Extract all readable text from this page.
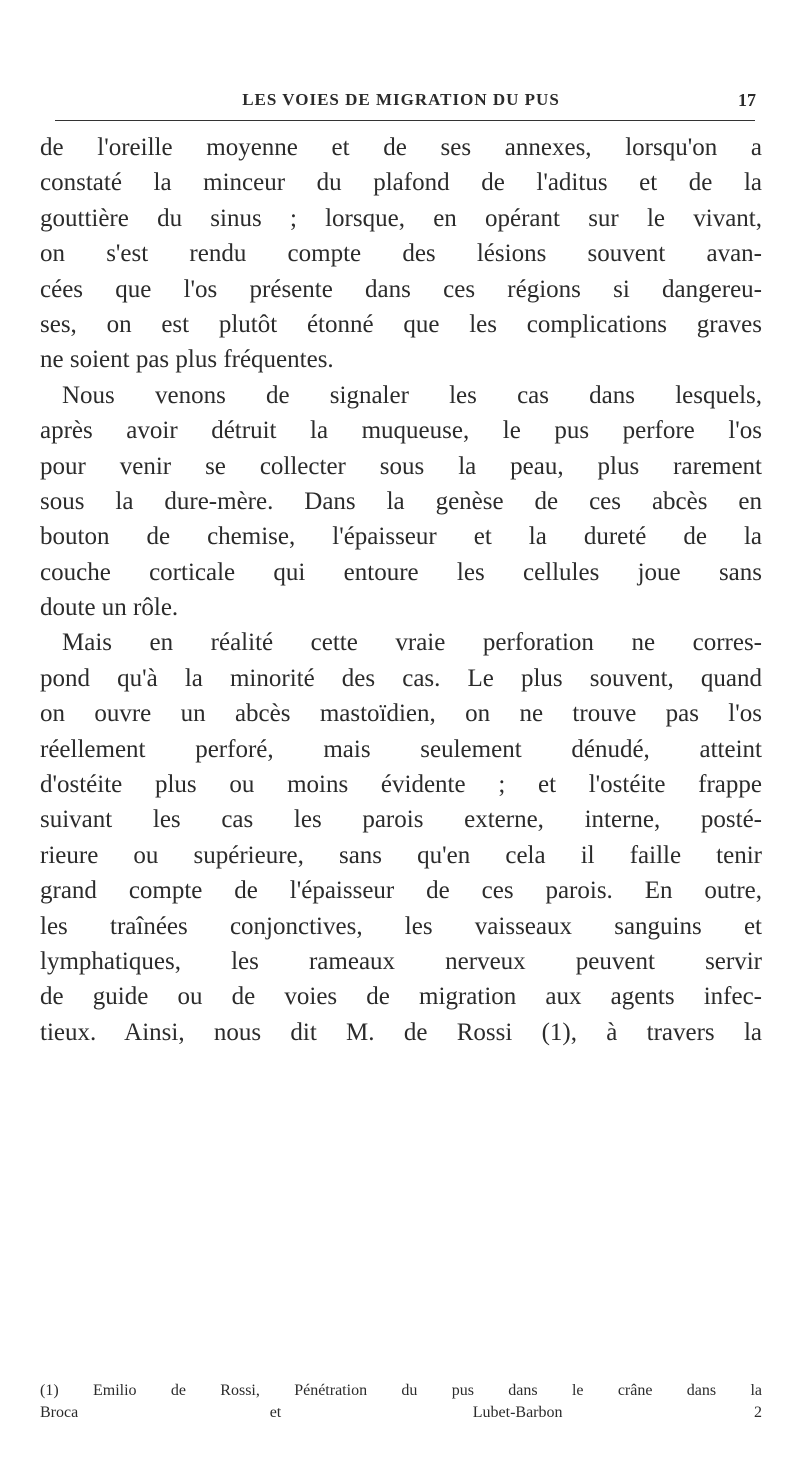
LES VOIES DE MIGRATION DU PUS	17
de l'oreille moyenne et de ses annexes, lorsqu'on a
constaté la minceur du plafond de l'aditus et de la
gouttière du sinus ; lorsque, en opérant sur le vivant,
on s'est rendu compte des lésions souvent avan-
cées que l'os présente dans ces régions si dangereu-
ses, on est plutôt étonné que les complications graves
ne soient pas plus fréquentes.
Nous venons de signaler les cas dans lesquels,
après avoir détruit la muqueuse, le pus perfore l'os
pour venir se collecter sous la peau, plus rarement
sous la dure-mère. Dans la genèse de ces abcès en
bouton de chemise, l'épaisseur et la dureté de la
couche corticale qui entoure les cellules joue sans
doute un rôle.
Mais en réalité cette vraie perforation ne corres-
pond qu'à la minorité des cas. Le plus souvent, quand
on ouvre un abcès mastoïdien, on ne trouve pas l'os
réellement perforé, mais seulement dénudé, atteint
d'ostéite plus ou moins évidente ; et l'ostéite frappe
suivant les cas les parois externe, interne, posté-
rieure ou supérieure, sans qu'en cela il faille tenir
grand compte de l'épaisseur de ces parois. En outre,
les traînées conjonctives, les vaisseaux sanguins et
lymphatiques, les rameaux nerveux peuvent servir
de guide ou de voies de migration aux agents infec-
tieux. Ainsi, nous dit M. de Rossi (1), à travers la
(1) Emilio de Rossi, Pénétration du pus dans le crâne dans la
Broca et Lubet-Barbon 2
